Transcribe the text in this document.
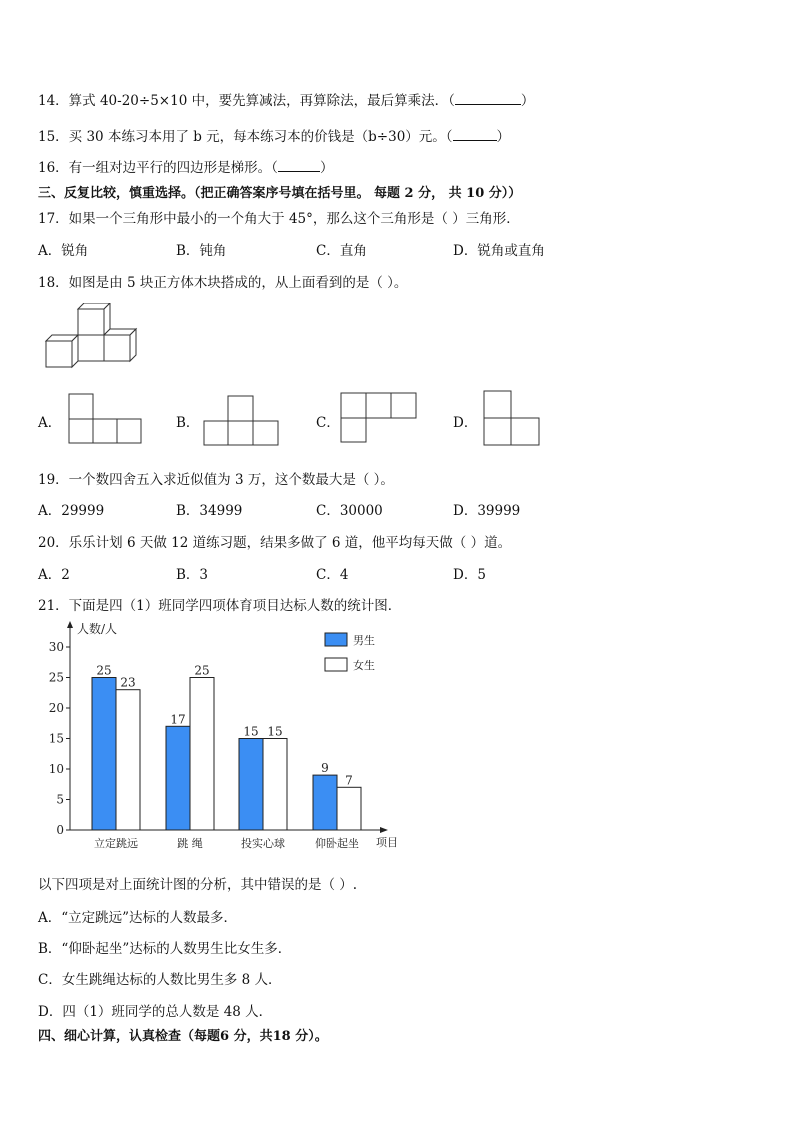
14．算式 40-20÷5×10 中，要先算减法，再算除法，最后算乘法．（	）
15．买 30 本练习本用了 b 元，每本练习本的价钱是（b÷30）元。（	）
16．有一组对边平行的四边形是梯形。（	）
三、反复比较，慎重选择。（把正确答案序号填在括号里。 每题 2 分， 共 10 分））
17．如果一个三角形中最小的一个角大于 45°，那么这个三角形是（ ）三角形．
A．锐角	B．钝角	C．直角	D．锐角或直角
18．如图是由 5 块正方体木块搭成的，从上面看到的是（ ）。
A．	B．	C．	D．
19．一个数四舍五入求近似值为 3 万，这个数最大是（ ）。
A．29999	B．34999	C．30000	D．39999
20．乐乐计划 6 天做 12 道练习题，结果多做了 6 道，他平均每天做（ ）道。
A．2	B．3	C．4	D．5
21．下面是四（1）班同学四项体育项目达标人数的统计图．
人数/人
项目
0
5
10
15
20
25
30
25
23
立定跳远
17
25
跳 绳
15 15
投实心球
9
7
仰卧起坐
男生
女生
以下四项是对上面统计图的分析，其中错误的是（ ）.
A．“立定跳远”达标的人数最多．
B．“仰卧起坐”达标的人数男生比女生多．
C．女生跳绳达标的人数比男生多 8 人．
D．四（1）班同学的总人数是 48 人．
四、细心计算，认真检查（每题6 分，共18 分）。
